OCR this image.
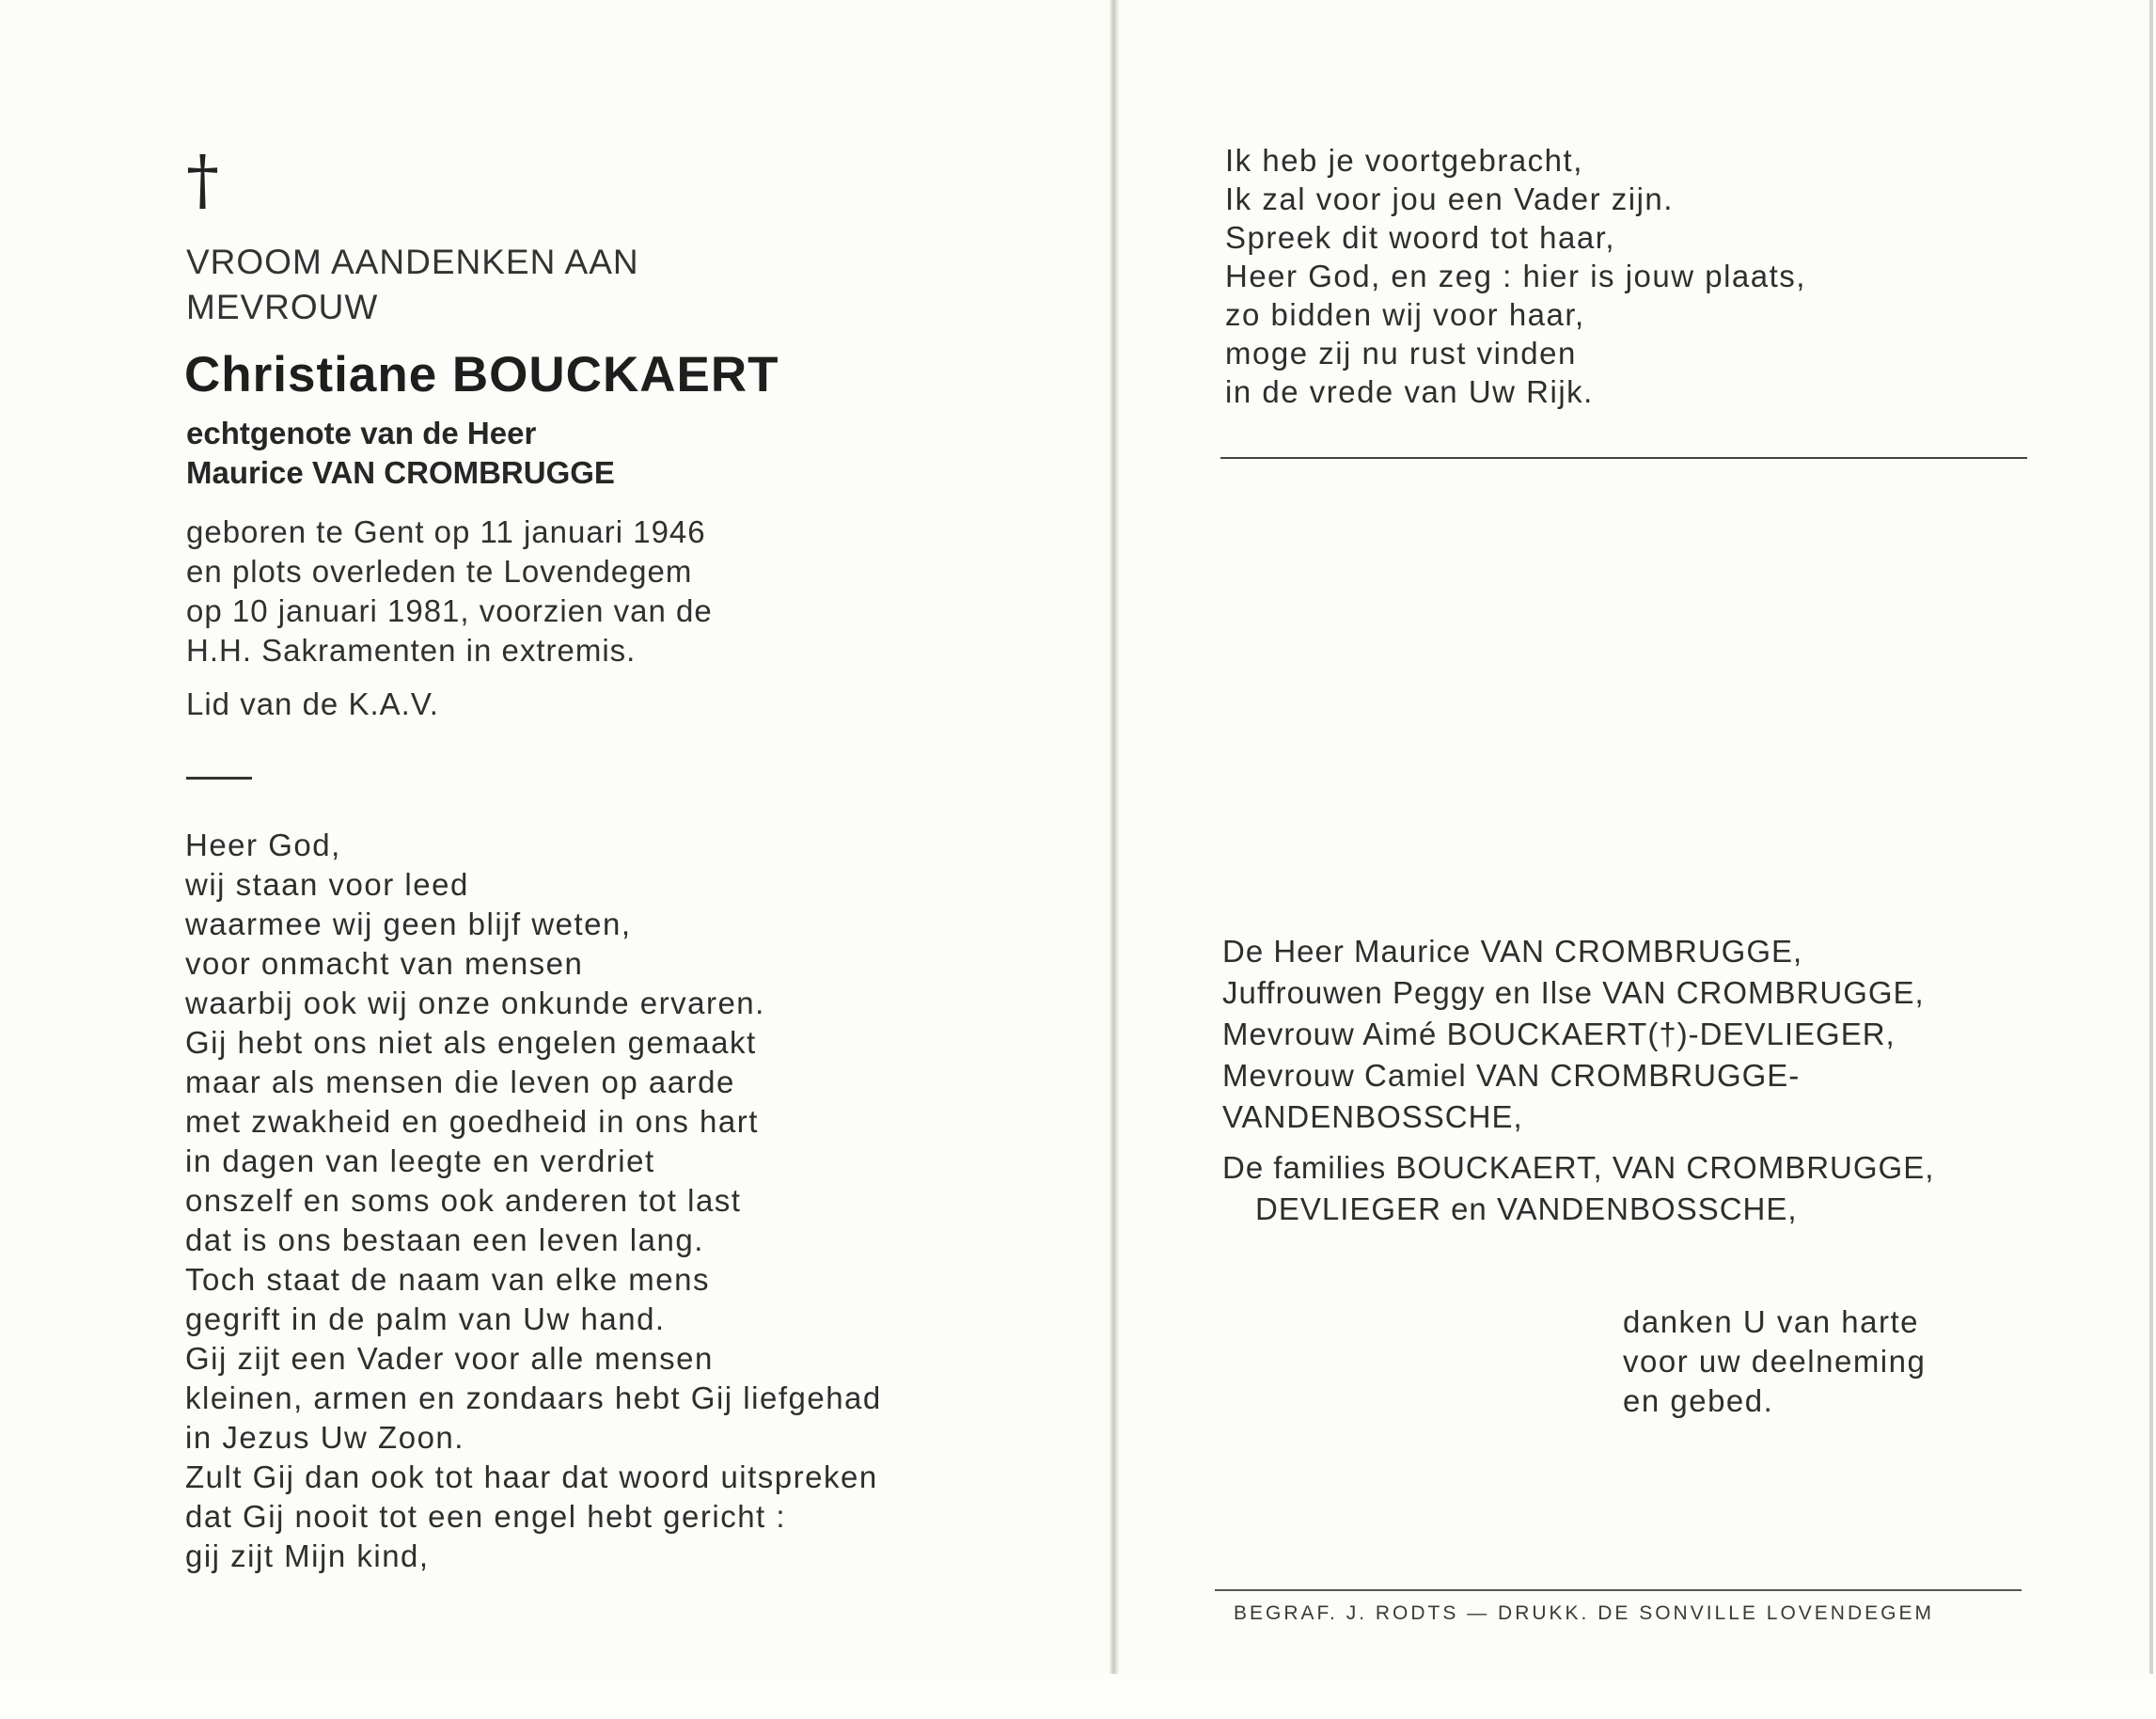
†
VROOM AANDENKEN AAN
MEVROUW
Christiane BOUCKAERT
echtgenote van de Heer
Maurice VAN CROMBRUGGE
geboren te Gent op 11 januari 1946
en plots overleden te Lovendegem
op 10 januari 1981, voorzien van de
H.H. Sakramenten in extremis.
Lid van de K.A.V.
Heer God,
wij staan voor leed
waarmee wij geen blijf weten,
voor onmacht van mensen
waarbij ook wij onze onkunde ervaren.
Gij hebt ons niet als engelen gemaakt
maar als mensen die leven op aarde
met zwakheid en goedheid in ons hart
in dagen van leegte en verdriet
onszelf en soms ook anderen tot last
dat is ons bestaan een leven lang.
Toch staat de naam van elke mens
gegrift in de palm van Uw hand.
Gij zijt een Vader voor alle mensen
kleinen, armen en zondaars hebt Gij liefgehad
in Jezus Uw Zoon.
Zult Gij dan ook tot haar dat woord uitspreken
dat Gij nooit tot een engel hebt gericht :
gij zijt Mijn kind,
Ik heb je voortgebracht,
Ik zal voor jou een Vader zijn.
Spreek dit woord tot haar,
Heer God, en zeg : hier is jouw plaats,
zo bidden wij voor haar,
moge zij nu rust vinden
in de vrede van Uw Rijk.
De Heer Maurice VAN CROMBRUGGE,
Juffrouwen Peggy en Ilse VAN CROMBRUGGE,
Mevrouw Aimé BOUCKAERT(†)-DEVLIEGER,
Mevrouw Camiel VAN CROMBRUGGE-
VANDENBOSSCHE,
De families BOUCKAERT, VAN CROMBRUGGE,
DEVLIEGER en VANDENBOSSCHE,
danken U van harte
voor uw deelneming
en gebed.
BEGRAF. J. RODTS — DRUKK. DE SONVILLE LOVENDEGEM
